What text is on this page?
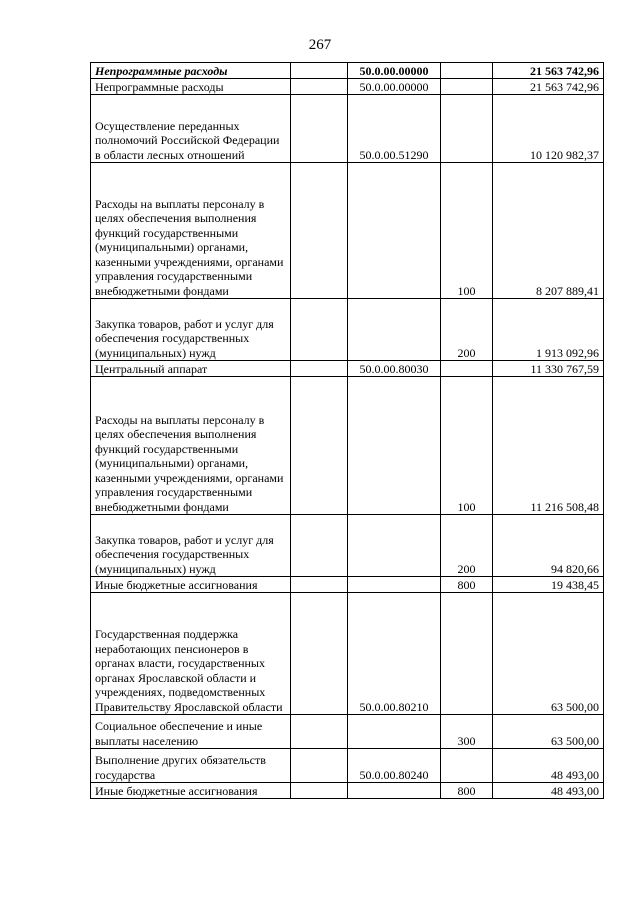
267
Непрограммные расходы		50.0.00.00000		21 563 742,96
Непрограммные расходы		50.0.00.00000		21 563 742,96
Осуществление переданных полномочий Российской Федерации в области лесных отношений		50.0.00.51290		10 120 982,37
Расходы на выплаты персоналу в целях обеспечения выполнения функций государственными (муниципальными) органами, казенными учреждениями, органами управления государственными внебюджетными фондами			100	8 207 889,41
Закупка товаров, работ и услуг для обеспечения государственных (муниципальных) нужд			200	1 913 092,96
Центральный аппарат		50.0.00.80030		11 330 767,59
Расходы на выплаты персоналу в целях обеспечения выполнения функций государственными (муниципальными) органами, казенными учреждениями, органами управления государственными внебюджетными фондами			100	11 216 508,48
Закупка товаров, работ и услуг для обеспечения государственных (муниципальных) нужд			200	94 820,66
Иные бюджетные ассигнования			800	19 438,45
Государственная поддержка неработающих пенсионеров в органах власти, государственных органах Ярославской области и учреждениях, подведомственных Правительству Ярославской области		50.0.00.80210		63 500,00
Социальное обеспечение и иные выплаты населению			300	63 500,00
Выполнение других обязательств государства		50.0.00.80240		48 493,00
Иные бюджетные ассигнования			800	48 493,00
